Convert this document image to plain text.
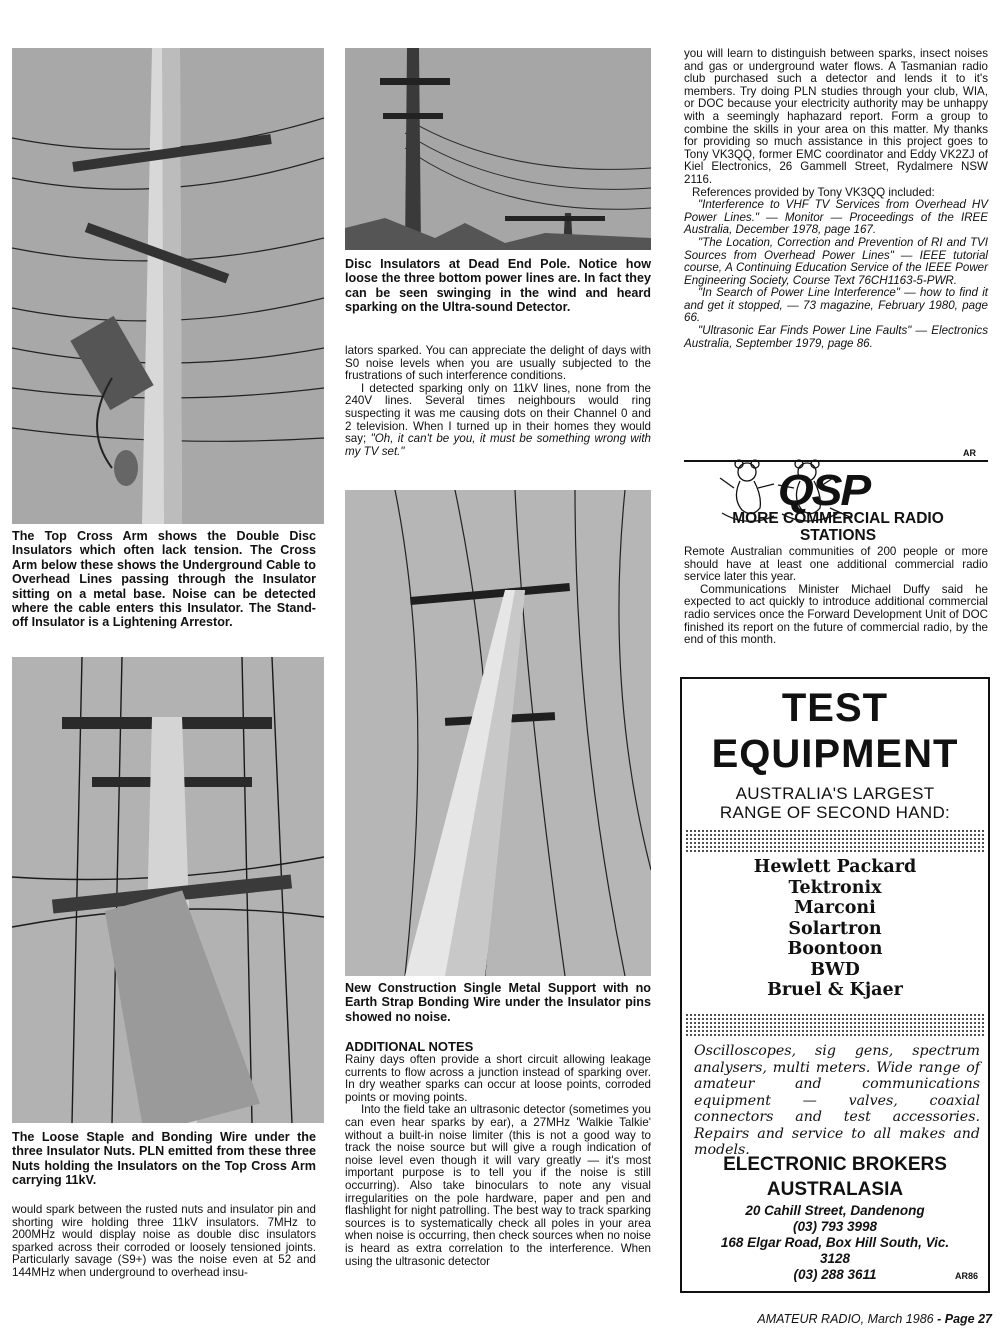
The Top Cross Arm shows the Double Disc Insulators which often lack tension. The Cross Arm below these shows the Underground Cable to Overhead Lines passing through the Insulator sitting on a metal base. Noise can be detected where the cable enters this Insulator. The Stand-off Insulator is a Lightening Arrestor.
The Loose Staple and Bonding Wire under the three Insulator Nuts. PLN emitted from these three Nuts holding the Insulators on the Top Cross Arm carrying 11kV.

would spark between the rusted nuts and insulator pin and shorting wire holding three 11kV insulators. 7MHz to 200MHz would display noise as double disc insulators sparked across their corroded or loosely tensioned joints. Particularly savage (S9+) was the noise even at 52 and 144MHz when underground to overhead insu-

Disc Insulators at Dead End Pole. Notice how loose the three bottom power lines are. In fact they can be seen swinging in the wind and heard sparking on the Ultra-sound Detector.

lators sparked. You can appreciate the delight of days with S0 noise levels when you are usually subjected to the frustrations of such interference conditions.

I detected sparking only on 11kV lines, none from the 240V lines. Several times neighbours would ring suspecting it was me causing dots on their Channel 0 and 2 television. When I turned up in their homes they would say; "Oh, it can't be you, it must be something wrong with my TV set."

New Construction Single Metal Support with no Earth Strap Bonding Wire under the Insulator pins showed no noise.

ADDITIONAL NOTES

Rainy days often provide a short circuit allowing leakage currents to flow across a junction instead of sparking over. In dry weather sparks can occur at loose points, corroded points or moving points.

Into the field take an ultrasonic detector (sometimes you can even hear sparks by ear), a 27MHz 'Walkie Talkie' without a built-in noise limiter (this is not a good way to track the noise source but will give a rough indication of noise level even though it will vary greatly — it's most important purpose is to tell you if the noise is still occurring). Also take binoculars to note any visual irregularities on the pole hardware, paper and pen and flashlight for night patrolling. The best way to track sparking sources is to systematically check all poles in your area when noise is occurring, then check sources when no noise is heard as extra correlation to the interference. When using the ultrasonic detector

you will learn to distinguish between sparks, insect noises and gas or underground water flows. A Tasmanian radio club purchased such a detector and lends it to it's members. Try doing PLN studies through your club, WIA, or DOC because your electricity authority may be unhappy with a seemingly haphazard report. Form a group to combine the skills in your area on this matter. My thanks for providing so much assistance in this project goes to Tony VK3QQ, former EMC coordinator and Eddy VK2ZJ of Kiel Electronics, 26 Gammell Street, Rydalmere NSW 2116.

References provided by Tony VK3QQ included:

"Interference to VHF TV Services from Overhead HV Power Lines." — Monitor — Proceedings of the IREE Australia, December 1978, page 167.

"The Location, Correction and Prevention of RI and TVI Sources from Overhead Power Lines" — IEEE tutorial course, A Continuing Education Service of the IEEE Power Engineering Society, Course Text 76CH1163-5-PWR.

"In Search of Power Line Interference" — how to find it and get it stopped, — 73 magazine, February 1980, page 66.

"Ultrasonic Ear Finds Power Line Faults" — Electronics Australia, September 1979, page 86.

AR
QSP
MORE COMMERCIAL RADIO
STATIONS

Remote Australian communities of 200 people or more should have at least one additional commercial radio service later this year.

Communications Minister Michael Duffy said he expected to act quickly to introduce additional commercial radio services once the Forward Development Unit of DOC finished its report on the future of commercial radio, by the end of this month.

TEST
EQUIPMENT
AUSTRALIA'S LARGEST
RANGE OF SECOND HAND:
Hewlett Packard
Tektronix
Marconi
Solartron
Boontoon
BWD
Bruel & Kjaer
Oscilloscopes, sig gens, spectrum analysers, multi meters. Wide range of amateur and communications equipment — valves, coaxial connectors and test accessories. Repairs and service to all makes and models.
ELECTRONIC BROKERS
AUSTRALASIA
20 Cahill Street, Dandenong
(03) 793 3998
168 Elgar Road, Box Hill South, Vic.
3128
(03) 288 3611	AR86
AMATEUR RADIO, March 1986 - Page 27
